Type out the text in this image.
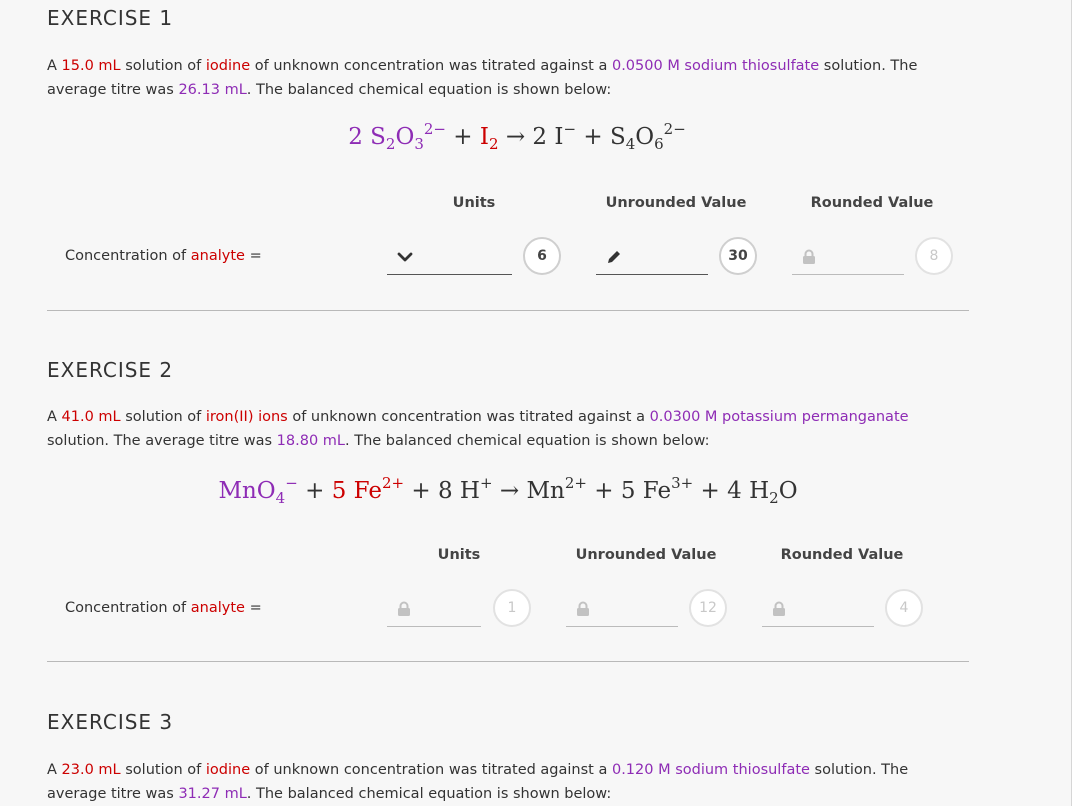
EXERCISE 1

A 15.0 mL solution of iodine of unknown concentration was titrated against a 0.0500 M sodium thiosulfate solution. The average titre was 26.13 mL. The balanced chemical equation is shown below:

2 $S_2O_3^{2-} + I_2 \to 2$ $I^- + S_4O_6^{2-}$
Units	Unrounded Value	Rounded Value
Concentration of analyte =	6	30	8
EXERCISE 2

A 41.0 mL solution of iron(II) ions of unknown concentration was titrated against a 0.0300 M potassium permanganate solution. The average titre was 18.80 mL. The balanced chemical equation is shown below:

MnO$_4$− + 5 $Fe^{2+} + 8$ $H^+ \to Mn^{2+} + 5$ $Fe^{3+} + 4$ $H_2O$
Units	Unrounded Value	Rounded Value
Concentration of analyte =	1	12	4
EXERCISE 3

A 23.0 mL solution of iodine of unknown concentration was titrated against a 0.120 M sodium thiosulfate solution. The average titre was 31.27 mL. The balanced chemical equation is shown below:
